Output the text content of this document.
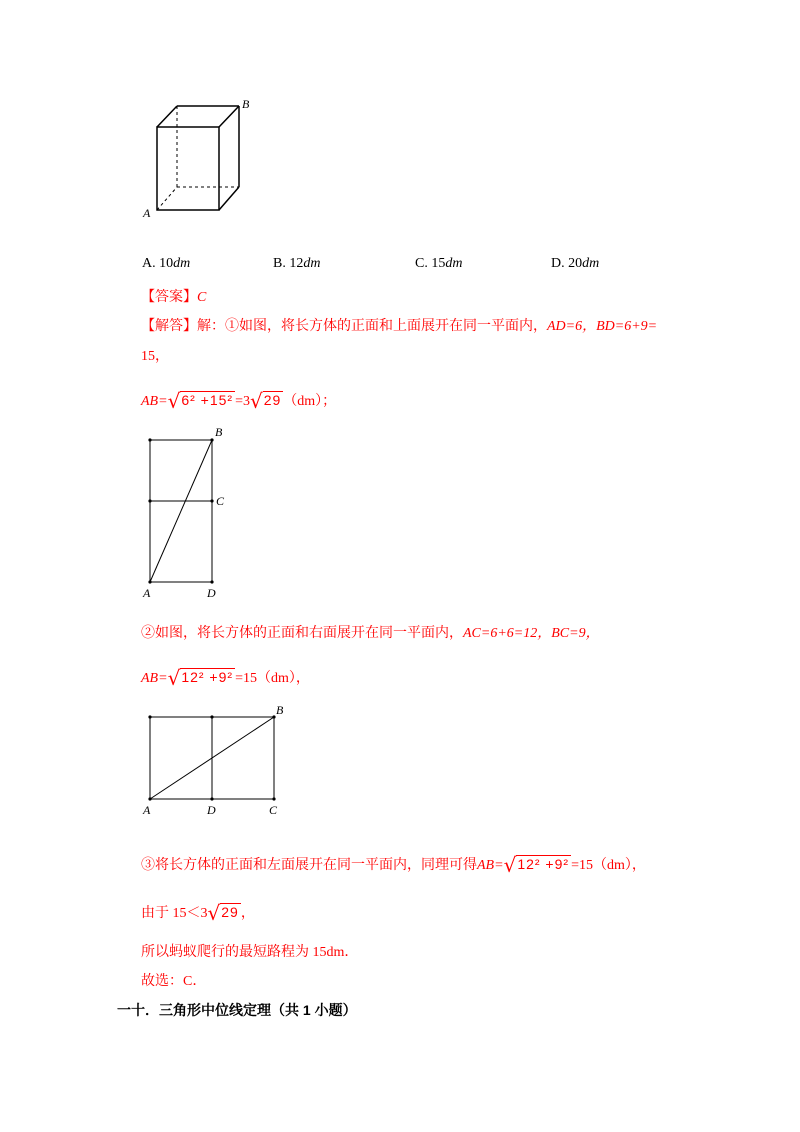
B
A
A. 10dm	B. 12dm	C. 15dm	D. 20dm
【答案】C
【解答】解：①如图，将长方体的正面和上面展开在同一平面内，AD=6，BD=6+9=
15，
AB=√6² +15² =3√29 （dm）；
B
C
A	D
②如图，将长方体的正面和右面展开在同一平面内，AC=6+6=12，BC=9，
AB=√12² +9² =15（dm），
B
A	D	C
③将长方体的正面和左面展开在同一平面内，同理可得AB=√12² +9² =15（dm），
由于 15＜3√29 ，
所以蚂蚁爬行的最短路程为 15dm．
故选：C．
一十．三角形中位线定理（共 1 小题）
